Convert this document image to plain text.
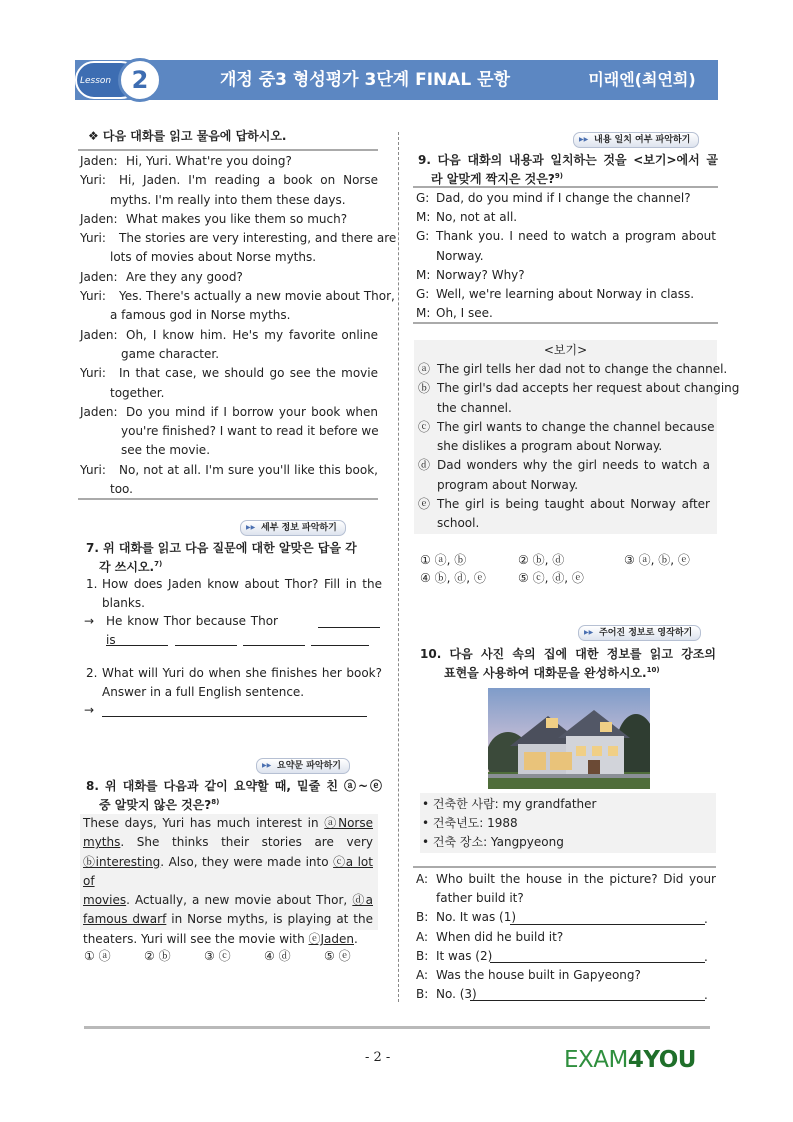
Lesson 2	개정 중3 형성평가 3단계 FINAL 문항	미래엔(최연희)
❖ 다음 대화를 읽고 물음에 답하시오.
Jaden: Hi, Yuri. What're you doing?
Yuri: Hi, Jaden. I'm reading a book on Norse
myths. I'm really into them these days.
Jaden: What makes you like them so much?
Yuri: The stories are very interesting, and there are
lots of movies about Norse myths.
Jaden: Are they any good?
Yuri: Yes. There's actually a new movie about Thor,
a famous god in Norse myths.
Jaden: Oh, I know him. He's my favorite online
game character.
Yuri: In that case, we should go see the movie
together.
Jaden: Do you mind if I borrow your book when
you're finished? I want to read it before we
see the movie.
Yuri: No, not at all. I'm sure you'll like this book,
too.
▶▶ 세부 정보 파악하기
7. 위 대화를 읽고 다음 질문에 대한 알맞은 답을 각
각 쓰시오.$^{7)}$
1. How does Jaden know about Thor? Fill in the
blanks.
→ He know Thor because Thor is
2. What will Yuri do when she finishes her book?
Answer in a full English sentence.
→
▶▶ 요약문 파악하기
8. 위 대화를 다음과 같이 요약할 때, 밑줄 친 ⓐ~ⓔ
중 알맞지 않은 것은?$^{8)}$
These days, Yuri has much interest in ⓐNorse
myths. She thinks their stories are very
ⓑinteresting. Also, they were made into ⓒa lot of
movies. Actually, a new movie about Thor, ⓓa
famous dwarf in Norse myths, is playing at the
theaters. Yuri will see the movie with ⓔJaden.
① ⓐ	② ⓑ	③ ⓒ	④ ⓓ	⑤ ⓔ
▶▶ 내용 일치 여부 파악하기
9. 다음 대화의 내용과 일치하는 것을 <보기>에서 골
라 알맞게 짝지은 것은?$^{9)}$
G: Dad, do you mind if I change the channel?
M: No, not at all.
G: Thank you. I need to watch a program about
Norway.
M: Norway? Why?
G: Well, we're learning about Norway in class.
M: Oh, I see.
<보기>
ⓐ The girl tells her dad not to change the channel.
ⓑ The girl's dad accepts her request about changing
the channel.
ⓒ The girl wants to change the channel because
she dislikes a program about Norway.
ⓓ Dad wonders why the girl needs to watch a
program about Norway.
ⓔ The girl is being taught about Norway after
school.
① ⓐ, ⓑ	② ⓑ, ⓓ	③ ⓐ, ⓑ, ⓔ
④ ⓑ, ⓓ, ⓔ	⑤ ⓒ, ⓓ, ⓔ
▶▶ 주어진 정보로 영작하기
10. 다음 사진 속의 집에 대한 정보를 읽고 강조의
표현을 사용하여 대화문을 완성하시오.$^{10)}$
• 건축한 사람: my grandfather
• 건축년도: 1988
• 건축 장소: Yangpyeong
A: Who built the house in the picture? Did your
father build it?
B: No. It was (1)
A: When did he build it?
B: It was (2)
A: Was the house built in Gapyeong?
B: No. (3)
.
.
.
- 2 -	EXAM4YOU
